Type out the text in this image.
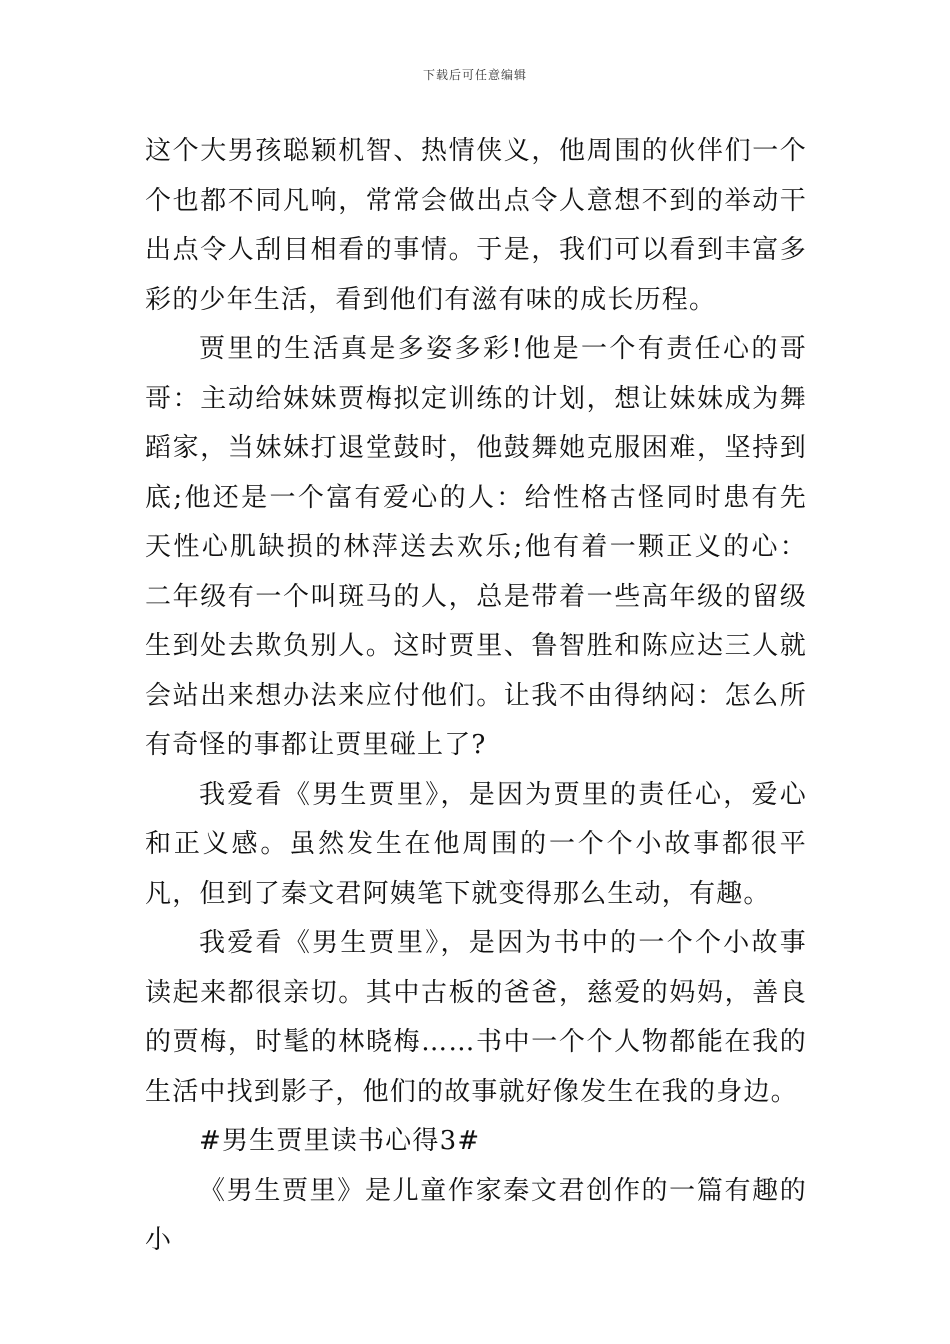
下载后可任意编辑

这个大男孩聪颖机智、热情侠义，他周围的伙伴们一个个也都不同凡响，常常会做出点令人意想不到的举动干出点令人刮目相看的事情。于是，我们可以看到丰富多彩的少年生活，看到他们有滋有味的成长历程。

贾里的生活真是多姿多彩!他是一个有责任心的哥哥：主动给妹妹贾梅拟定训练的计划，想让妹妹成为舞蹈家，当妹妹打退堂鼓时，他鼓舞她克服困难，坚持到底;他还是一个富有爱心的人：给性格古怪同时患有先天性心肌缺损的林萍送去欢乐;他有着一颗正义的心：二年级有一个叫斑马的人，总是带着一些高年级的留级生到处去欺负别人。这时贾里、鲁智胜和陈应达三人就会站出来想办法来应付他们。让我不由得纳闷：怎么所有奇怪的事都让贾里碰上了?

我爱看《男生贾里》，是因为贾里的责任心，爱心和正义感。虽然发生在他周围的一个个小故事都很平凡，但到了秦文君阿姨笔下就变得那么生动，有趣。

我爱看《男生贾里》，是因为书中的一个个小故事读起来都很亲切。其中古板的爸爸，慈爱的妈妈，善良的贾梅，时髦的林晓梅……书中一个个人物都能在我的生活中找到影子，他们的故事就好像发生在我的身边。

#男生贾里读书心得3#

《男生贾里》是儿童作家秦文君创作的一篇有趣的小
